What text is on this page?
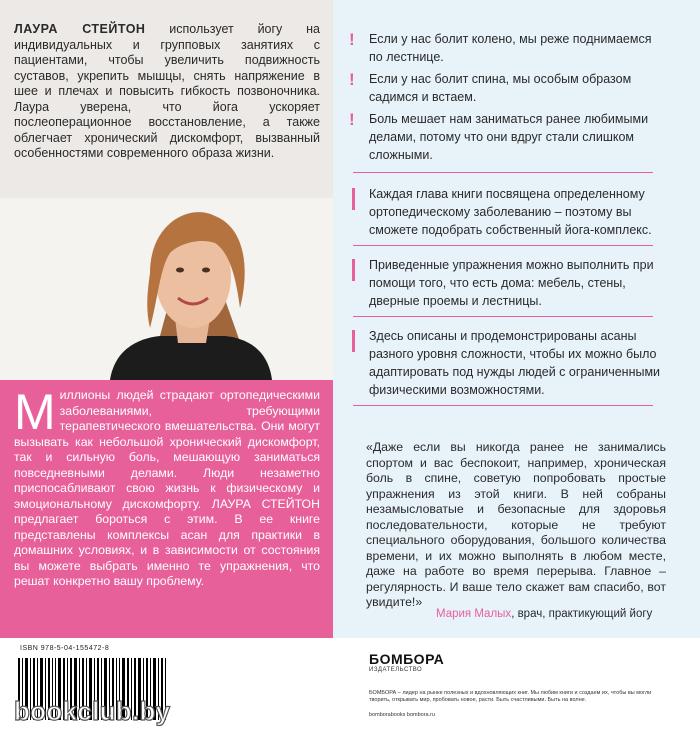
ЛАУРА СТЕЙТОН использует йогу на индивидуальных и групповых занятиях с пациентами, чтобы увеличить подвижность суставов, укрепить мышцы, снять напряжение в шее и плечах и повысить гибкость позвоночника. Лаура уверена, что йога ускоряет послеоперационное восстановление, а также облегчает хронический дискомфорт, вызванный особенностями современного образа жизни.
Миллионы людей страдают ортопедическими заболеваниями, требующими терапевтического вмешательства. Они могут вызывать как небольшой хронический дискомфорт, так и сильную боль, мешающую заниматься повседневными делами. Люди незаметно приспосабливают свою жизнь к физическому и эмоциональному дискомфорту. ЛАУРА СТЕЙТОН предлагает бороться с этим. В ее книге представлены комплексы асан для практики в домашних условиях, и в зависимости от состояния вы можете выбрать именно те упражнения, что решат конкретно вашу проблему.
ISBN 978-5-04-155472-8
bookclub.by
! Если у нас болит колено, мы реже поднимаемся по лестнице.
! Если у нас болит спина, мы особым образом садимся и встаем.
! Боль мешает нам заниматься ранее любимыми делами, потому что они вдруг стали слишком сложными.
Каждая глава книги посвящена определенному ортопедическому заболеванию – поэтому вы сможете подобрать собственный йога-комплекс.
Приведенные упражнения можно выполнить при помощи того, что есть дома: мебель, стены, дверные проемы и лестницы.
Здесь описаны и продемонстрированы асаны разного уровня сложности, чтобы их можно было адаптировать под нужды людей с ограниченными физическими возможностями.
«Даже если вы никогда ранее не занимались спортом и вас беспокоит, например, хроническая боль в спине, советую попробовать простые упражнения из этой книги. В ней собраны незамысловатые и безопасные для здоровья последовательности, которые не требуют специального оборудования, большого количества времени, и их можно выполнять в любом месте, даже на работе во время перерыва. Главное – регулярность. И ваше тело скажет вам спасибо, вот увидите!»
Мария Малых, врач, практикующий йогу
БОМБОРА
ИЗДАТЕЛЬСТВО
БОМБОРА – лидер на рынке полезных и вдохновляющих книг. Мы любим книги и создаем их, чтобы вы могли творить, открывать мир, пробовать новое, расти. Быть счастливыми. Быть на волне.
bomborabooks bombora.ru
